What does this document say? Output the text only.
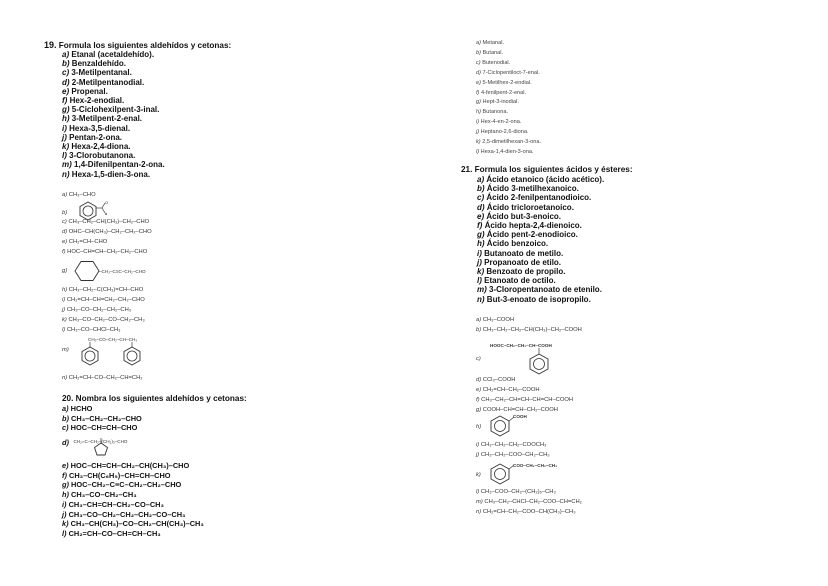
19. Formula los siguientes aldehídos y cetonas:
a) Etanal (acetaldehído).
b) Benzaldehído.
c) 3-Metilpentanal.
d) 2-Metilpentanodial.
e) Propenal.
f) Hex-2-enodial.
g) 5-Ciclohexilpent-3-inal.
h) 3-Metilpent-2-enal.
i) Hexa-3,5-dienal.
j) Pentan-2-ona.
k) Hexa-2,4-diona.
l) 3-Clorobutanona.
m) 1,4-Difenilpentan-2-ona.
n) Hexa-1,5-dien-3-ona.
a) CH₃–CHO
b)
O
c) CH₃–CH₂–CH(CH₃)–CH₂–CHO
d) OHC–CH(CH₃)–CH₂–CH₂–CHO
e) CH₂=CH–CHO
f) HOC–CH=CH–CH₂–CH₂–CHO
g)	–CH₂–C≡C–CH₂–CHO
h) CH₃–CH₂–C(CH₃)=CH–CHO
i) CH₂=CH–CH=CH₂–CH₂–CHO
j) CH₃–CO–CH₂–CH₂–CH₃
k) CH₃–CO–CH₂–CO–CH₂–CH₃
l) CH₃–CO–CHCl–CH₃
CH₂–CO–CH₂–CH–CH₃
m)
n) CH₂=CH–CO–CH₂–CH=CH₂
20. Nombra los siguientes aldehídos y cetonas:
a) HCHO
b) CH₃–CH₂–CH₂–CHO
c) HOC–CH=CH–CHO
d) CH₂=C–CH₂–(CH₂)₃–CHO
e) HOC–CH=CH–CH₂–CH(CH₃)–CHO
f) CH₃–CH(C₆H₅)–CH=CH–CHO
g) HOC–CH₂–C≡C–CH₂–CH₂–CHO
h) CH₃–CO–CH₂–CH₃
i) CH₃–CH=CH–CH₂–CO–CH₃
j) CH₃–CO–CH₂–CH₂–CH₂–CO–CH₃
k) CH₃–CH(CH₃)–CO–CH₂–CH(CH₃)–CH₃
l) CH₂=CH–CO–CH=CH–CH₃
a) Metanal.
b) Butanal.
c) Butenodial.
d) 7-Ciclopentiloct-7-enal.
e) 5-Metilhex-2-endial.
f) 4-fenilpent-2-enal.
g) Hept-3-inodial.
h) Butanona.
i) Hex-4-en-2-ona.
j) Heptano-2,6-diona.
k) 2,5-dimetilhexan-3-ona.
l) Hexa-1,4-dien-3-ona.
21. Formula los siguientes ácidos y ésteres:
a) Ácido etanoico (ácido acético).
b) Ácido 3-metilhexanoico.
c) Ácido 2-fenilpentanodioico.
d) Ácido tricloroetanoico.
e) Ácido but-3-enoico.
f) Ácido hepta-2,4-dienoico.
g) Ácido pent-2-enodioico.
h) Ácido benzoico.
i) Butanoato de metilo.
j) Propanoato de etilo.
k) Benzoato de propilo.
l) Etanoato de octilo.
m) 3-Cloropentanoato de etenilo.
n) But-3-enoato de isopropilo.
a) CH₃–COOH
b) CH₃–CH₂–CH₂–CH(CH₃)–CH₂–COOH
HOOC–CH₂–CH₂–CH–COOH
c)
d) CCl₃–COOH
e) CH₂=CH–CH₂–COOH
f) CH₃–CH₂–CH=CH–CH=CH–COOH
g) COOH–CH=CH–CH₂–COOH
h)
COOH
i) CH₃–CH₂–CH₂–COOCH₃
j) CH₃–CH₂–COO–CH₂–CH₃
k)
COO–CH₂–CH₂–CH₃
l) CH₃–COO–CH₂–(CH₂)₆–CH₃
m) CH₃–CH₂–CHCl–CH₂–COO–CH=CH₂
n) CH₂=CH–CH₂–COO–CH(CH₃)–CH₃
